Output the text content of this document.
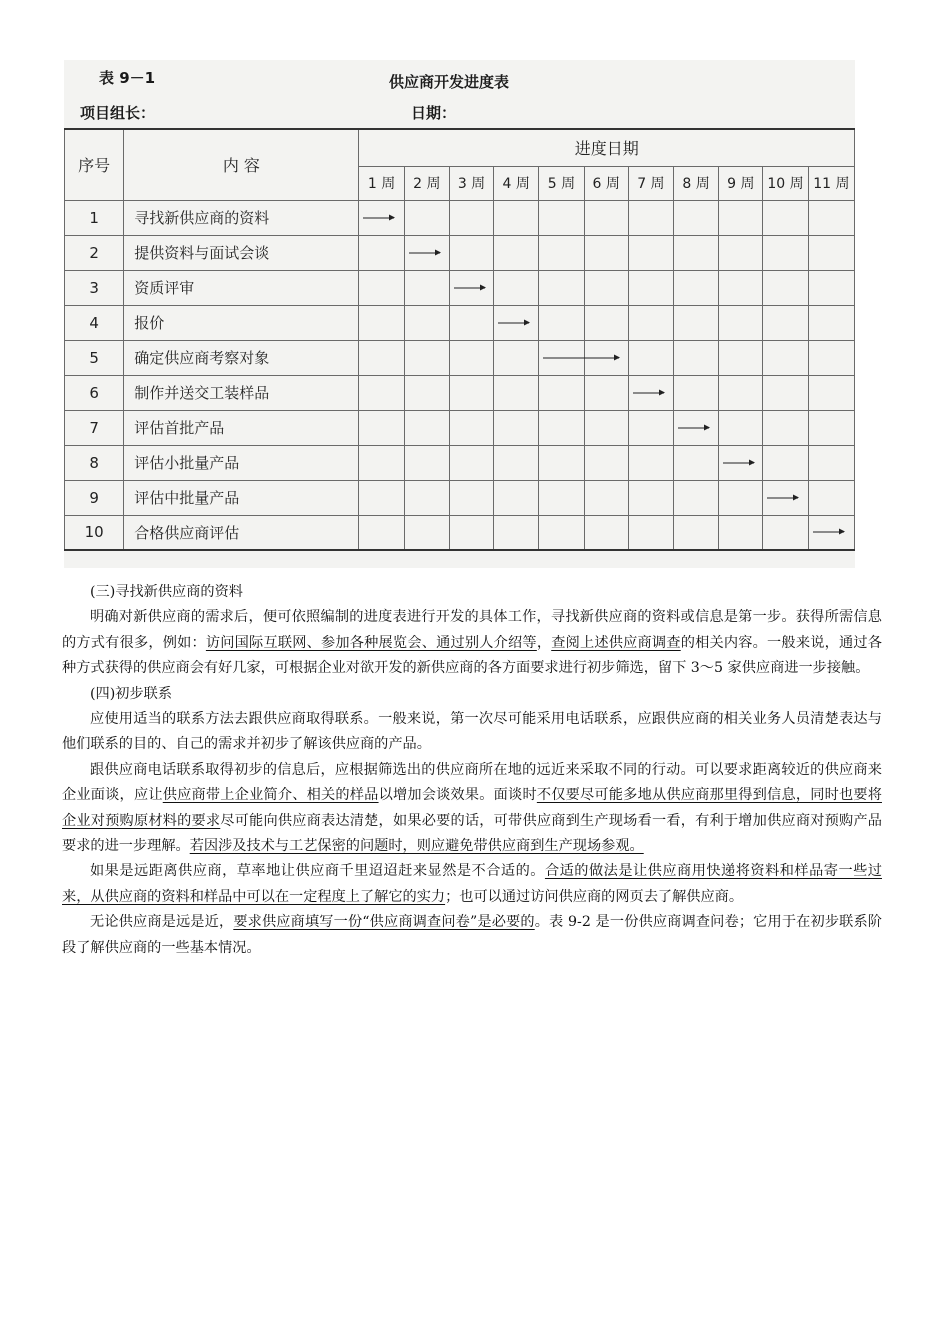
表 9－1	供应商开发进度表
项目组长：	日期：
序号	内 容	进度日期										
		1 周	2 周	3 周	4 周	5 周	6 周	7 周	8 周	9 周	10 周	11 周
1	寻找新供应商的资料	

2	提供资料与面试会谈		

3	资质评审			

4	报价				

5	确定供应商考察对象					

6	制作并送交工装样品							

7	评估首批产品								

8	评估小批量产品									

9	评估中批量产品										

10	合格供应商评估											

(三)寻找新供应商的资料

明确对新供应商的需求后，便可依照编制的进度表进行开发的具体工作，寻找新供应商的资料或信息是第一步。获得所需信息的方式有很多，例如：访问国际互联网、参加各种展览会、通过别人介绍等，查阅上述供应商调查的相关内容。一般来说，通过各种方式获得的供应商会有好几家，可根据企业对欲开发的新供应商的各方面要求进行初步筛选，留下 3～5 家供应商进一步接触。

(四)初步联系

应使用适当的联系方法去跟供应商取得联系。一般来说，第一次尽可能采用电话联系，应跟供应商的相关业务人员清楚表达与他们联系的目的、自己的需求并初步了解该供应商的产品。

跟供应商电话联系取得初步的信息后，应根据筛选出的供应商所在地的远近来采取不同的行动。可以要求距离较近的供应商来企业面谈，应让供应商带上企业简介、相关的样品以增加会谈效果。面谈时不仅要尽可能多地从供应商那里得到信息，同时也要将企业对预购原材料的要求尽可能向供应商表达清楚，如果必要的话，可带供应商到生产现场看一看，有利于增加供应商对预购产品要求的进一步理解。若因涉及技术与工艺保密的问题时，则应避免带供应商到生产现场参观。

如果是远距离供应商，草率地让供应商千里迢迢赶来显然是不合适的。合适的做法是让供应商用快递将资料和样品寄一些过来，从供应商的资料和样品中可以在一定程度上了解它的实力；也可以通过访问供应商的网页去了解供应商。

无论供应商是远是近，要求供应商填写一份“供应商调查问卷”是必要的。表 9-2 是一份供应商调查问卷；它用于在初步联系阶段了解供应商的一些基本情况。
